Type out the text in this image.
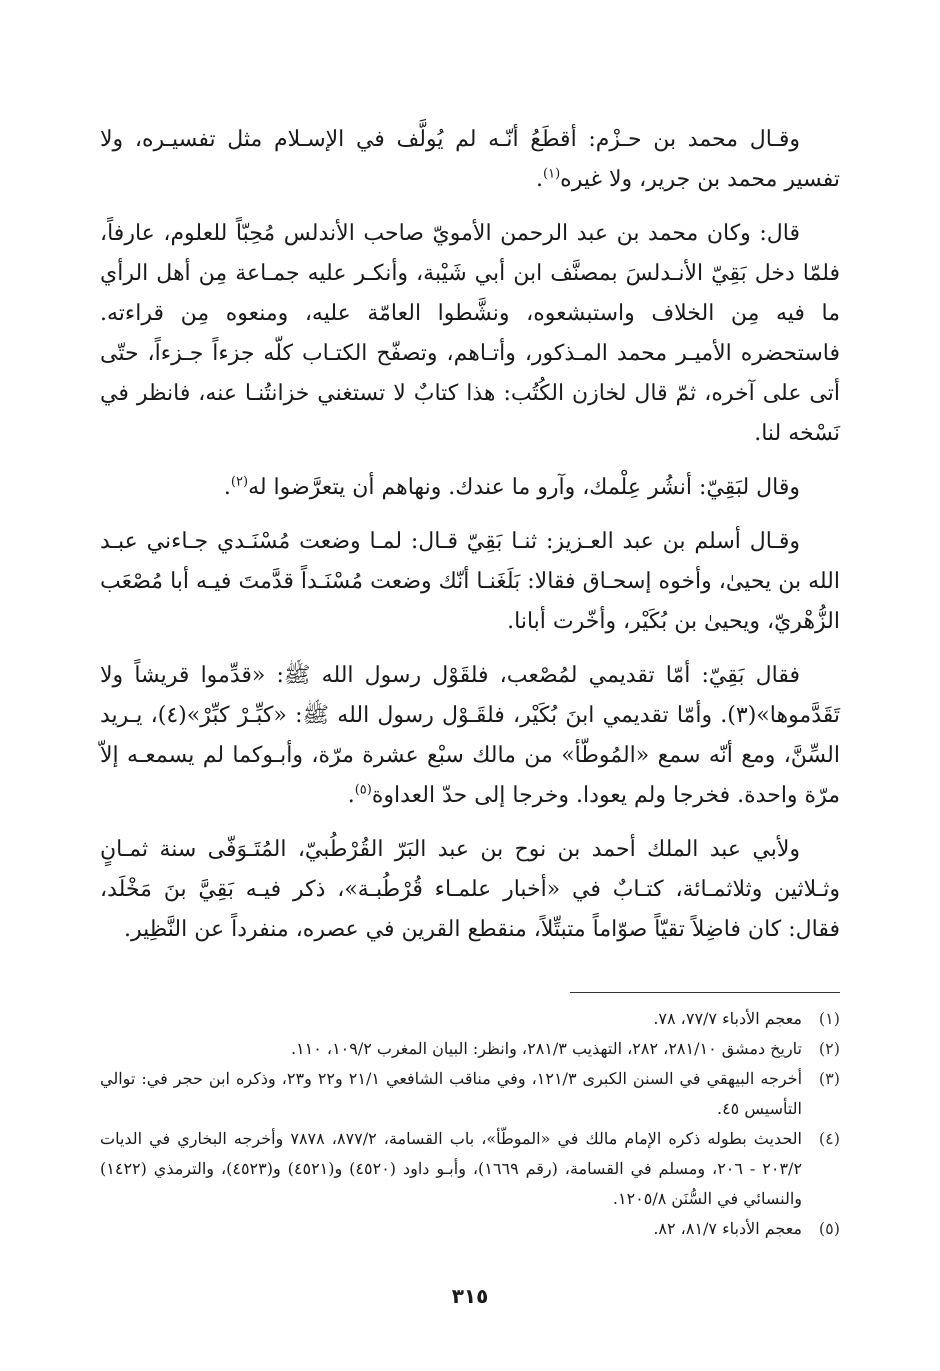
وقـال محمد بن حـزْم: أقطَعُ أنّـه لم يُولَّف في الإسـلام مثل تفسيـره، ولا تفسير محمد بن جرير، ولا غيره$^{(١)}$.

قال: وكان محمد بن عبد الرحمن الأمويّ صاحب الأندلس مُحِبّاً للعلوم، عارفاً، فلمّا دخل بَقِيّ الأنـدلسَ بمصنَّف ابن أبي شَيْبة، وأنكـر عليه جمـاعة مِن أهل الرأي ما فيه مِن الخلاف واستبشعوه، ونشَّطوا العامّة عليه، ومنعوه مِن قراءته. فاستحضره الأميـر محمد المـذكور، وأتـاهم، وتصفّح الكتـاب كلّه جزءاً جـزءاً، حتّى أتى على آخره، ثمّ قال لخازن الكُتُب: هذا كتابٌ لا تستغني خزانتُنـا عنه، فانظر في نَسْخه لنا.

وقال لبَقِيّ: أنشُر عِلْمك، وآرو ما عندك. ونهاهم أن يتعرَّضوا له$^{(٢)}$.

وقـال أسلم بن عبد العـزيز: ثنـا بَقِيّ قـال: لمـا وضعت مُسْنَـدي جـاءني عبـد الله بن يحيىٰ، وأخوه إسحـاق فقالا: بَلَغَنـا أنّك وضعت مُسْنَـداً قدَّمتَ فيـه أبا مُصْعَب الزُّهْريّ، ويحيىٰ بن بُكَيْر، وأخّرت أبانا.

فقال بَقِيّ: أمّا تقديمي لمُصْعب، فلقَوْل رسول الله ﷺ: «قدِّموا قريشاً ولا تَقَدَّموها»(٣). وأمّا تقديمي ابنَ بُكَيْر، فلقَـوْل رسول الله ﷺ: «كبِّـرْ كبِّرْ»(٤)، يـريد السِّنَّ، ومع أنّه سمع «المُوطّأ» من مالك سبْع عشرة مرّة، وأبـوكما لم يسمعـه إلاّ مرّة واحدة. فخرجا ولم يعودا. وخرجا إلى حدّ العداوة$^{(٥)}$.

ولأبي عبد الملك أحمد بن نوح بن عبد البَرّ القُرْطُبيّ، المُتَـوَفّى سنة ثمـانٍ وثـلاثين وثلاثمـائة، كتـابٌ في «أخبار علمـاء قُرْطُبـة»، ذكر فيـه بَقِيَّ بنَ مَخْلَد، فقال: كان فاضِلاً تقيّاً صوّاماً متبتِّلاً، منقطع القرين في عصره، منفرداً عن النَّظِير.

(١)
معجم الأدباء ٧٧/٧، ٧٨.
(٢)
تاريخ دمشق ٢٨١/١٠، ٢٨٢، التهذيب ٢٨١/٣، وانظر: البيان المغرب ١٠٩/٢، ١١٠.
(٣)
أخرجه البيهقي في السنن الكبرى ١٢١/٣، وفي مناقب الشافعي ٢١/١ و٢٢ و٢٣، وذكره ابن حجر في: توالي التأسيس ٤٥.
(٤)
الحديث بطوله ذكره الإمام مالك في «الموطّأ»، باب القسامة، ٨٧٧/٢، ٧٨٧٨ وأخرجه البخاري في الديات ٢٠٣/٢ - ٢٠٦، ومسلم في القسامة، (رقم ١٦٦٩)، وأبـو داود (٤٥٢٠) و(٤٥٢١) و(٤٥٢٣)، والترمذي (١٤٢٢) والنسائي في السُّنَن ١٢٠٥/٨.
(٥)
معجم الأدباء ٨١/٧، ٨٢.
٣١٥
